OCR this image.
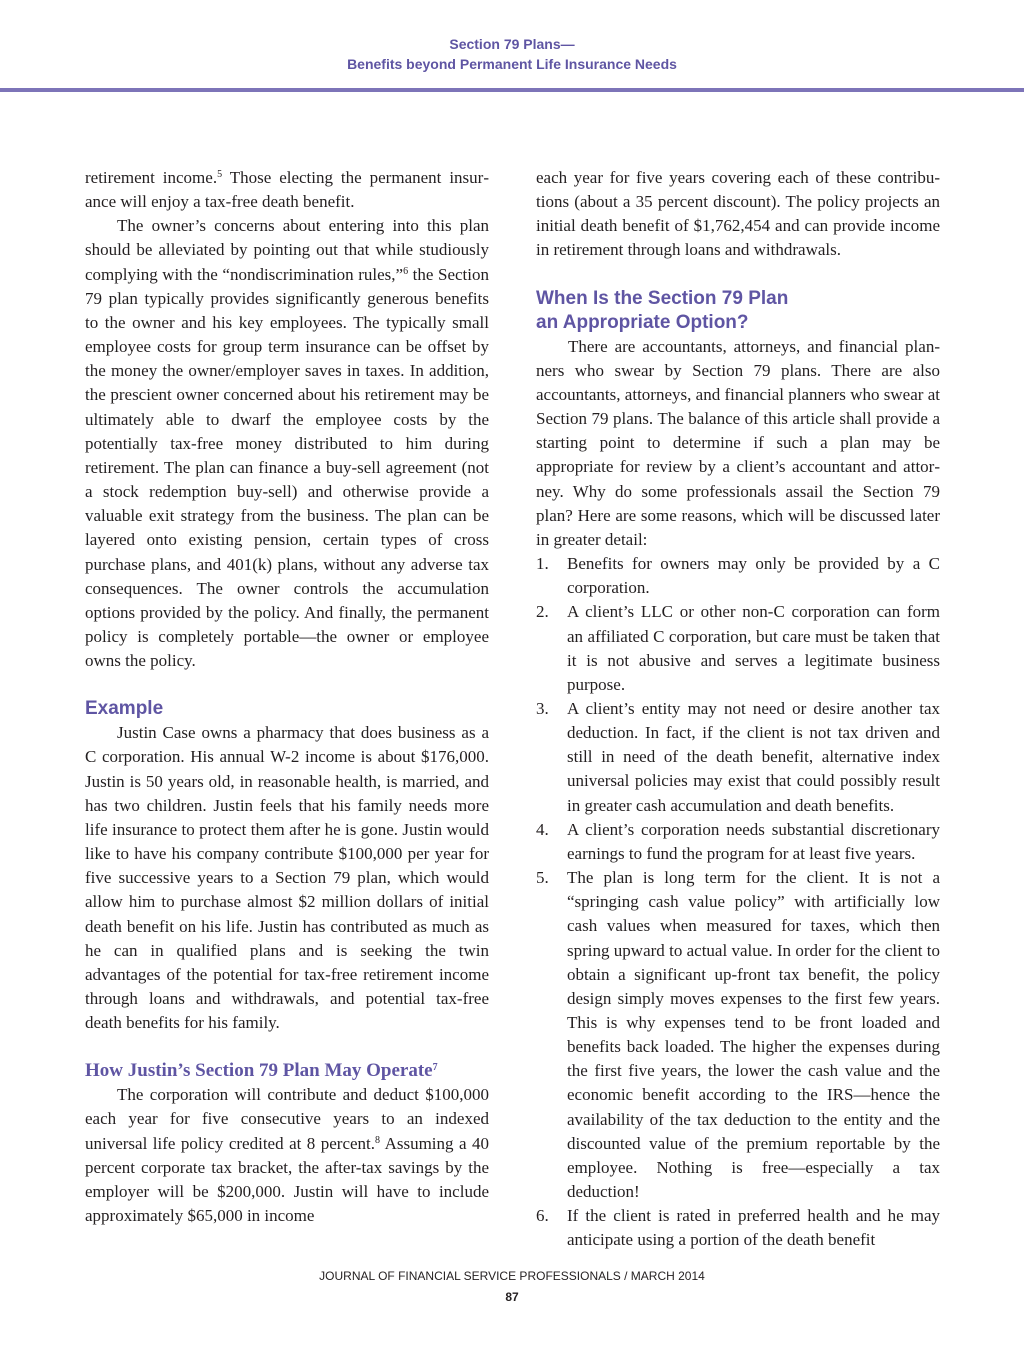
Section 79 Plans—
Benefits beyond Permanent Life Insurance Needs

retirement income.$^5$ Those electing the permanent insurance will enjoy a tax-free death benefit.

The owner’s concerns about entering into this plan should be alleviated by pointing out that while studiously complying with the “nondiscrimination rules,”$^6$ the Section 79 plan typically provides significantly generous benefits to the owner and his key employees. The typically small employee costs for group term insurance can be offset by the money the owner/employer saves in taxes. In addition, the prescient owner concerned about his retirement may be ultimately able to dwarf the employee costs by the potentially tax-free money distributed to him during retirement. The plan can finance a buy-sell agreement (not a stock redemption buy-sell) and otherwise provide a valuable exit strategy from the business. The plan can be layered onto existing pension, certain types of cross purchase plans, and 401(k) plans, without any adverse tax consequences. The owner controls the accumulation options provided by the policy. And finally, the permanent policy is completely portable—the owner or employee owns the policy.

Example

Justin Case owns a pharmacy that does business as a C corporation. His annual W-2 income is about $176,000. Justin is 50 years old, in reasonable health, is married, and has two children. Justin feels that his family needs more life insurance to protect them after he is gone. Justin would like to have his company contribute $100,000 per year for five successive years to a Section 79 plan, which would allow him to purchase almost $2 million dollars of initial death benefit on his life. Justin has contributed as much as he can in qualified plans and is seeking the twin advantages of the potential for tax-free retirement income through loans and withdrawals, and potential tax-free death benefits for his family.

How Justin’s Section 79 Plan May Operate$^7$

The corporation will contribute and deduct $100,000 each year for five consecutive years to an indexed universal life policy credited at 8 percent.$^8$ Assuming a 40 percent corporate tax bracket, the after-tax savings by the employer will be $200,000. Justin will have to include approximately $65,000 in income

each year for five years covering each of these contributions (about a 35 percent discount). The policy projects an initial death benefit of $1,762,454 and can provide income in retirement through loans and withdrawals.

When Is the Section 79 Plan
an Appropriate Option?

There are accountants, attorneys, and financial planners who swear by Section 79 plans. There are also accountants, attorneys, and financial planners who swear at Section 79 plans. The balance of this article shall provide a starting point to determine if such a plan may be appropriate for review by a client’s accountant and attorney. Why do some professionals assail the Section 79 plan? Here are some reasons, which will be discussed later in greater detail:

1. Benefits for owners may only be provided by a C corporation.
2. A client’s LLC or other non-C corporation can form an affiliated C corporation, but care must be taken that it is not abusive and serves a legitimate business purpose.
3. A client’s entity may not need or desire another tax deduction. In fact, if the client is not tax driven and still in need of the death benefit, alternative index universal policies may exist that could possibly result in greater cash accumulation and death benefits.
4. A client’s corporation needs substantial discretionary earnings to fund the program for at least five years.
5. The plan is long term for the client. It is not a “springing cash value policy” with artificially low cash values when measured for taxes, which then spring upward to actual value. In order for the client to obtain a significant up-front tax benefit, the policy design simply moves expenses to the first few years. This is why expenses tend to be front loaded and benefits back loaded. The higher the expenses during the first five years, the lower the cash value and the economic benefit according to the IRS—hence the availability of the tax deduction to the entity and the discounted value of the premium reportable by the employee. Nothing is free—especially a tax deduction!
6. If the client is rated in preferred health and he may anticipate using a portion of the death benefit
JOURNAL OF FINANCIAL SERVICE PROFESSIONALS / MARCH 2014
87
